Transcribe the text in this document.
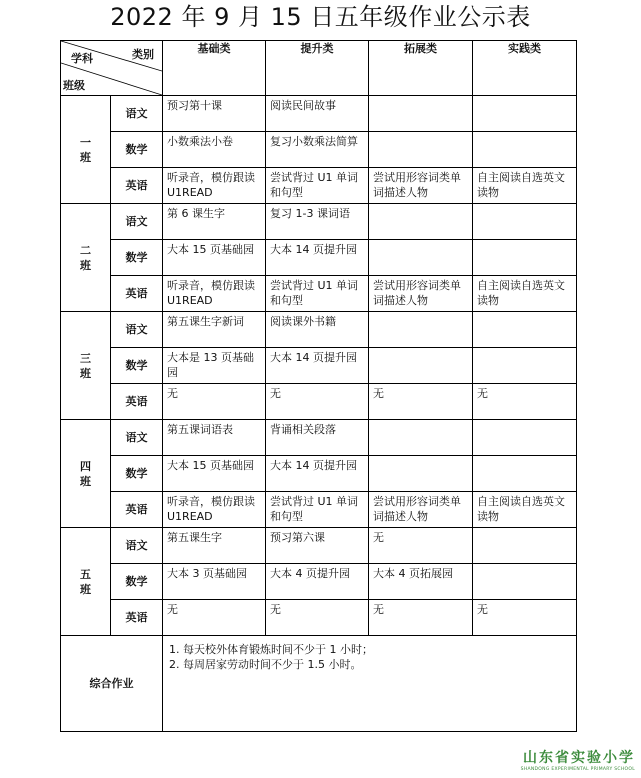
2022 年 9 月 15 日五年级作业公示表
类别
学科
班级		基础类	提升类	拓展类	实践类

一
班	语文	预习第十课	阅读民间故事		
	数学	小数乘法小卷	复习小数乘法简算		
	英语	听录音，模仿跟读 U1READ	尝试背过 U1 单词和句型	尝试用形容词类单词描述人物	自主阅读自选英文读物

二
班	语文	第 6 课生字	复习 1-3 课词语		
	数学	大本 15 页基础园	大本 14 页提升园		
	英语	听录音，模仿跟读 U1READ	尝试背过 U1 单词和句型	尝试用形容词类单词描述人物	自主阅读自选英文读物

三
班	语文	第五课生字新词	阅读课外书籍		
	数学	大本是 13 页基础园	大本 14 页提升园		
	英语	无	无	无	无

四
班	语文	第五课词语表	背诵相关段落		
	数学	大本 15 页基础园	大本 14 页提升园		
	英语	听录音，模仿跟读 U1READ	尝试背过 U1 单词和句型	尝试用形容词类单词描述人物	自主阅读自选英文读物

五
班	语文	第五课生字	预习第六课	无	
	数学	大本 3 页基础园	大本 4 页提升园	大本 4 页拓展园	
	英语	无	无	无	无
综合作业		1. 每天校外体育锻炼时间不少于 1 小时；
2. 每周居家劳动时间不少于 1.5 小时。			
山东省实验小学
SHANDONG EXPERIMENTAL PRIMARY SCHOOL
